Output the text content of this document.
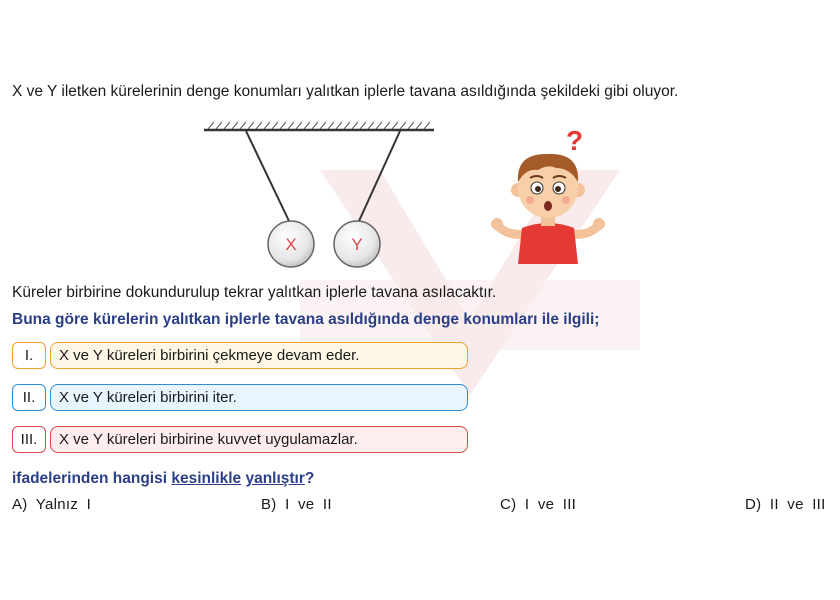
X ve Y iletken kürelerinin denge konumları yalıtkan iplerle tavana asıldığında şekildeki gibi oluyor.
X	Y
?
Küreler birbirine dokundurulup tekrar yalıtkan iplerle tavana asılacaktır.
Buna göre kürelerin yalıtkan iplerle tavana asıldığında denge konumları ile ilgili;
I.	X ve Y küreleri birbirini çekmeye devam eder.
II.	X ve Y küreleri birbirini iter.
III.	X ve Y küreleri birbirine kuvvet uygulamazlar.
ifadelerinden hangisi kesinlikle yanlıştır?
A) Yalnız I	B) I ve II	C) I ve III	D) II ve III
